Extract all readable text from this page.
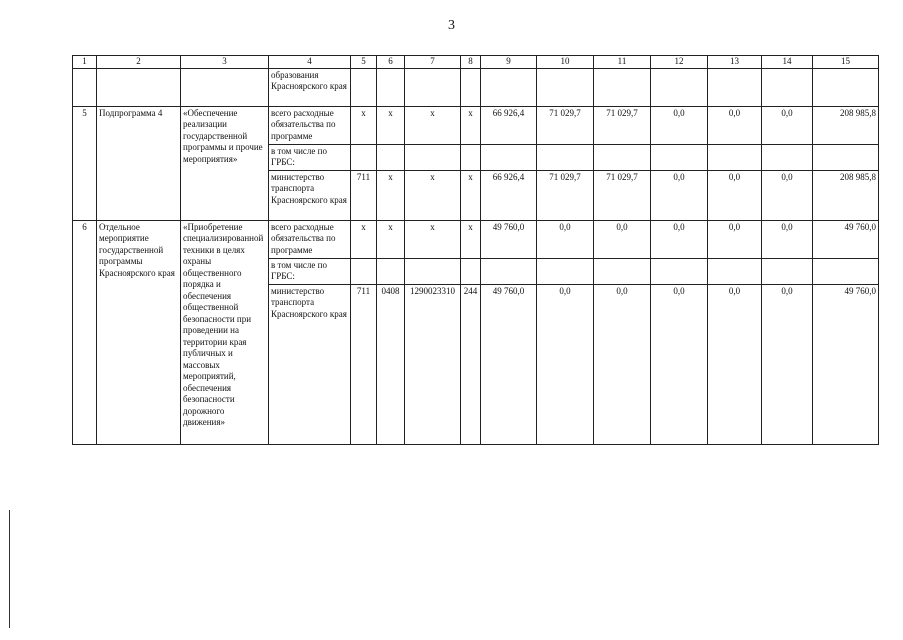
3
1	2	3	4	5	6	7	8	9	10	11	12	13	14	15
			образования Красноярского края											
5	Подпрограмма 4	«Обеспечение реализации государственной программы и прочие мероприятия»	всего расходные обязательства по программе	х	х	х	х	66 926,4	71 029,7	71 029,7	0,0	0,0	0,0	208 985,8
			в том числе по ГРБС:											
			министерство транспорта Красноярского края	711	х	х	х	66 926,4	71 029,7	71 029,7	0,0	0,0	0,0	208 985,8
6	Отдельное мероприятие государственной программы Красноярского края	«Приобретение специализированной техники в целях охраны общественного порядка и обеспечения общественной безопасности при проведении на территории края публичных и массовых мероприятий, обеспечения безопасности дорожного движения»	всего расходные обязательства по программе	х	х	х	х	49 760,0	0,0	0,0	0,0	0,0	0,0	49 760,0
			в том числе по ГРБС:											
			министерство транспорта Красноярского края	711	0408	1290023310	244	49 760,0	0,0	0,0	0,0	0,0	0,0	49 760,0
